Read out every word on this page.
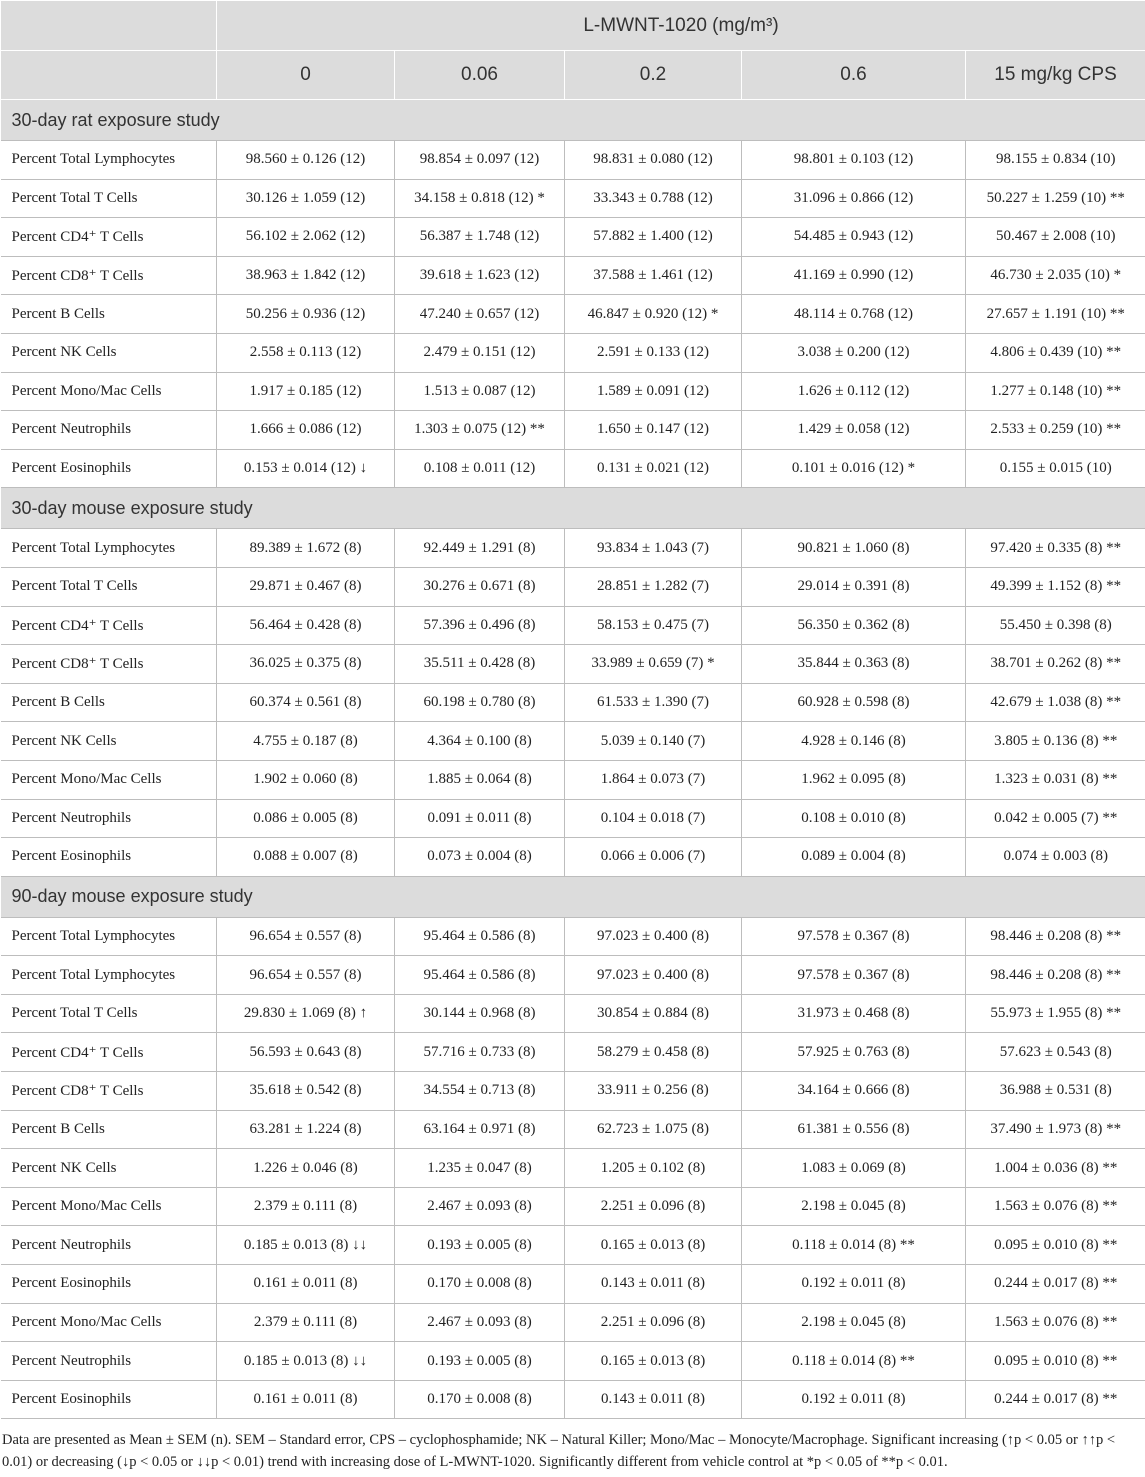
	L-MWNT-1020 (mg/m³)				
	0	0.06	0.2	0.6	15 mg/kg CPS
30-day rat exposure study					
Percent Total Lymphocytes	98.560 ± 0.126 (12)	98.854 ± 0.097 (12)	98.831 ± 0.080 (12)	98.801 ± 0.103 (12)	98.155 ± 0.834 (10)
Percent Total T Cells	30.126 ± 1.059 (12)	34.158 ± 0.818 (12) *	33.343 ± 0.788 (12)	31.096 ± 0.866 (12)	50.227 ± 1.259 (10) **
Percent CD4⁺ T Cells	56.102 ± 2.062 (12)	56.387 ± 1.748 (12)	57.882 ± 1.400 (12)	54.485 ± 0.943 (12)	50.467 ± 2.008 (10)
Percent CD8⁺ T Cells	38.963 ± 1.842 (12)	39.618 ± 1.623 (12)	37.588 ± 1.461 (12)	41.169 ± 0.990 (12)	46.730 ± 2.035 (10) *
Percent B Cells	50.256 ± 0.936 (12)	47.240 ± 0.657 (12)	46.847 ± 0.920 (12) *	48.114 ± 0.768 (12)	27.657 ± 1.191 (10) **
Percent NK Cells	2.558 ± 0.113 (12)	2.479 ± 0.151 (12)	2.591 ± 0.133 (12)	3.038 ± 0.200 (12)	4.806 ± 0.439 (10) **
Percent Mono/Mac Cells	1.917 ± 0.185 (12)	1.513 ± 0.087 (12)	1.589 ± 0.091 (12)	1.626 ± 0.112 (12)	1.277 ± 0.148 (10) **
Percent Neutrophils	1.666 ± 0.086 (12)	1.303 ± 0.075 (12) **	1.650 ± 0.147 (12)	1.429 ± 0.058 (12)	2.533 ± 0.259 (10) **
Percent Eosinophils	0.153 ± 0.014 (12) ↓	0.108 ± 0.011 (12)	0.131 ± 0.021 (12)	0.101 ± 0.016 (12) *	0.155 ± 0.015 (10)
30-day mouse exposure study					
Percent Total Lymphocytes	89.389 ± 1.672 (8)	92.449 ± 1.291 (8)	93.834 ± 1.043 (7)	90.821 ± 1.060 (8)	97.420 ± 0.335 (8) **
Percent Total T Cells	29.871 ± 0.467 (8)	30.276 ± 0.671 (8)	28.851 ± 1.282 (7)	29.014 ± 0.391 (8)	49.399 ± 1.152 (8) **
Percent CD4⁺ T Cells	56.464 ± 0.428 (8)	57.396 ± 0.496 (8)	58.153 ± 0.475 (7)	56.350 ± 0.362 (8)	55.450 ± 0.398 (8)
Percent CD8⁺ T Cells	36.025 ± 0.375 (8)	35.511 ± 0.428 (8)	33.989 ± 0.659 (7) *	35.844 ± 0.363 (8)	38.701 ± 0.262 (8) **
Percent B Cells	60.374 ± 0.561 (8)	60.198 ± 0.780 (8)	61.533 ± 1.390 (7)	60.928 ± 0.598 (8)	42.679 ± 1.038 (8) **
Percent NK Cells	4.755 ± 0.187 (8)	4.364 ± 0.100 (8)	5.039 ± 0.140 (7)	4.928 ± 0.146 (8)	3.805 ± 0.136 (8) **
Percent Mono/Mac Cells	1.902 ± 0.060 (8)	1.885 ± 0.064 (8)	1.864 ± 0.073 (7)	1.962 ± 0.095 (8)	1.323 ± 0.031 (8) **
Percent Neutrophils	0.086 ± 0.005 (8)	0.091 ± 0.011 (8)	0.104 ± 0.018 (7)	0.108 ± 0.010 (8)	0.042 ± 0.005 (7) **
Percent Eosinophils	0.088 ± 0.007 (8)	0.073 ± 0.004 (8)	0.066 ± 0.006 (7)	0.089 ± 0.004 (8)	0.074 ± 0.003 (8)
90-day mouse exposure study					
Percent Total Lymphocytes	96.654 ± 0.557 (8)	95.464 ± 0.586 (8)	97.023 ± 0.400 (8)	97.578 ± 0.367 (8)	98.446 ± 0.208 (8) **
Percent Total Lymphocytes	96.654 ± 0.557 (8)	95.464 ± 0.586 (8)	97.023 ± 0.400 (8)	97.578 ± 0.367 (8)	98.446 ± 0.208 (8) **
Percent Total T Cells	29.830 ± 1.069 (8) ↑	30.144 ± 0.968 (8)	30.854 ± 0.884 (8)	31.973 ± 0.468 (8)	55.973 ± 1.955 (8) **
Percent CD4⁺ T Cells	56.593 ± 0.643 (8)	57.716 ± 0.733 (8)	58.279 ± 0.458 (8)	57.925 ± 0.763 (8)	57.623 ± 0.543 (8)
Percent CD8⁺ T Cells	35.618 ± 0.542 (8)	34.554 ± 0.713 (8)	33.911 ± 0.256 (8)	34.164 ± 0.666 (8)	36.988 ± 0.531 (8)
Percent B Cells	63.281 ± 1.224 (8)	63.164 ± 0.971 (8)	62.723 ± 1.075 (8)	61.381 ± 0.556 (8)	37.490 ± 1.973 (8) **
Percent NK Cells	1.226 ± 0.046 (8)	1.235 ± 0.047 (8)	1.205 ± 0.102 (8)	1.083 ± 0.069 (8)	1.004 ± 0.036 (8) **
Percent Mono/Mac Cells	2.379 ± 0.111 (8)	2.467 ± 0.093 (8)	2.251 ± 0.096 (8)	2.198 ± 0.045 (8)	1.563 ± 0.076 (8) **
Percent Neutrophils	0.185 ± 0.013 (8) ↓↓	0.193 ± 0.005 (8)	0.165 ± 0.013 (8)	0.118 ± 0.014 (8) **	0.095 ± 0.010 (8) **
Percent Eosinophils	0.161 ± 0.011 (8)	0.170 ± 0.008 (8)	0.143 ± 0.011 (8)	0.192 ± 0.011 (8)	0.244 ± 0.017 (8) **
Percent Mono/Mac Cells	2.379 ± 0.111 (8)	2.467 ± 0.093 (8)	2.251 ± 0.096 (8)	2.198 ± 0.045 (8)	1.563 ± 0.076 (8) **
Percent Neutrophils	0.185 ± 0.013 (8) ↓↓	0.193 ± 0.005 (8)	0.165 ± 0.013 (8)	0.118 ± 0.014 (8) **	0.095 ± 0.010 (8) **
Percent Eosinophils	0.161 ± 0.011 (8)	0.170 ± 0.008 (8)	0.143 ± 0.011 (8)	0.192 ± 0.011 (8)	0.244 ± 0.017 (8) **
Data are presented as Mean ± SEM (n). SEM – Standard error, CPS – cyclophosphamide; NK – Natural Killer; Mono/Mac – Monocyte/Macrophage. Significant increasing (↑p < 0.05 or ↑↑p < 0.01) or decreasing (↓p < 0.05 or ↓↓p < 0.01) trend with increasing dose of L-MWNT-1020. Significantly different from vehicle control at *p < 0.05 of **p < 0.01.
